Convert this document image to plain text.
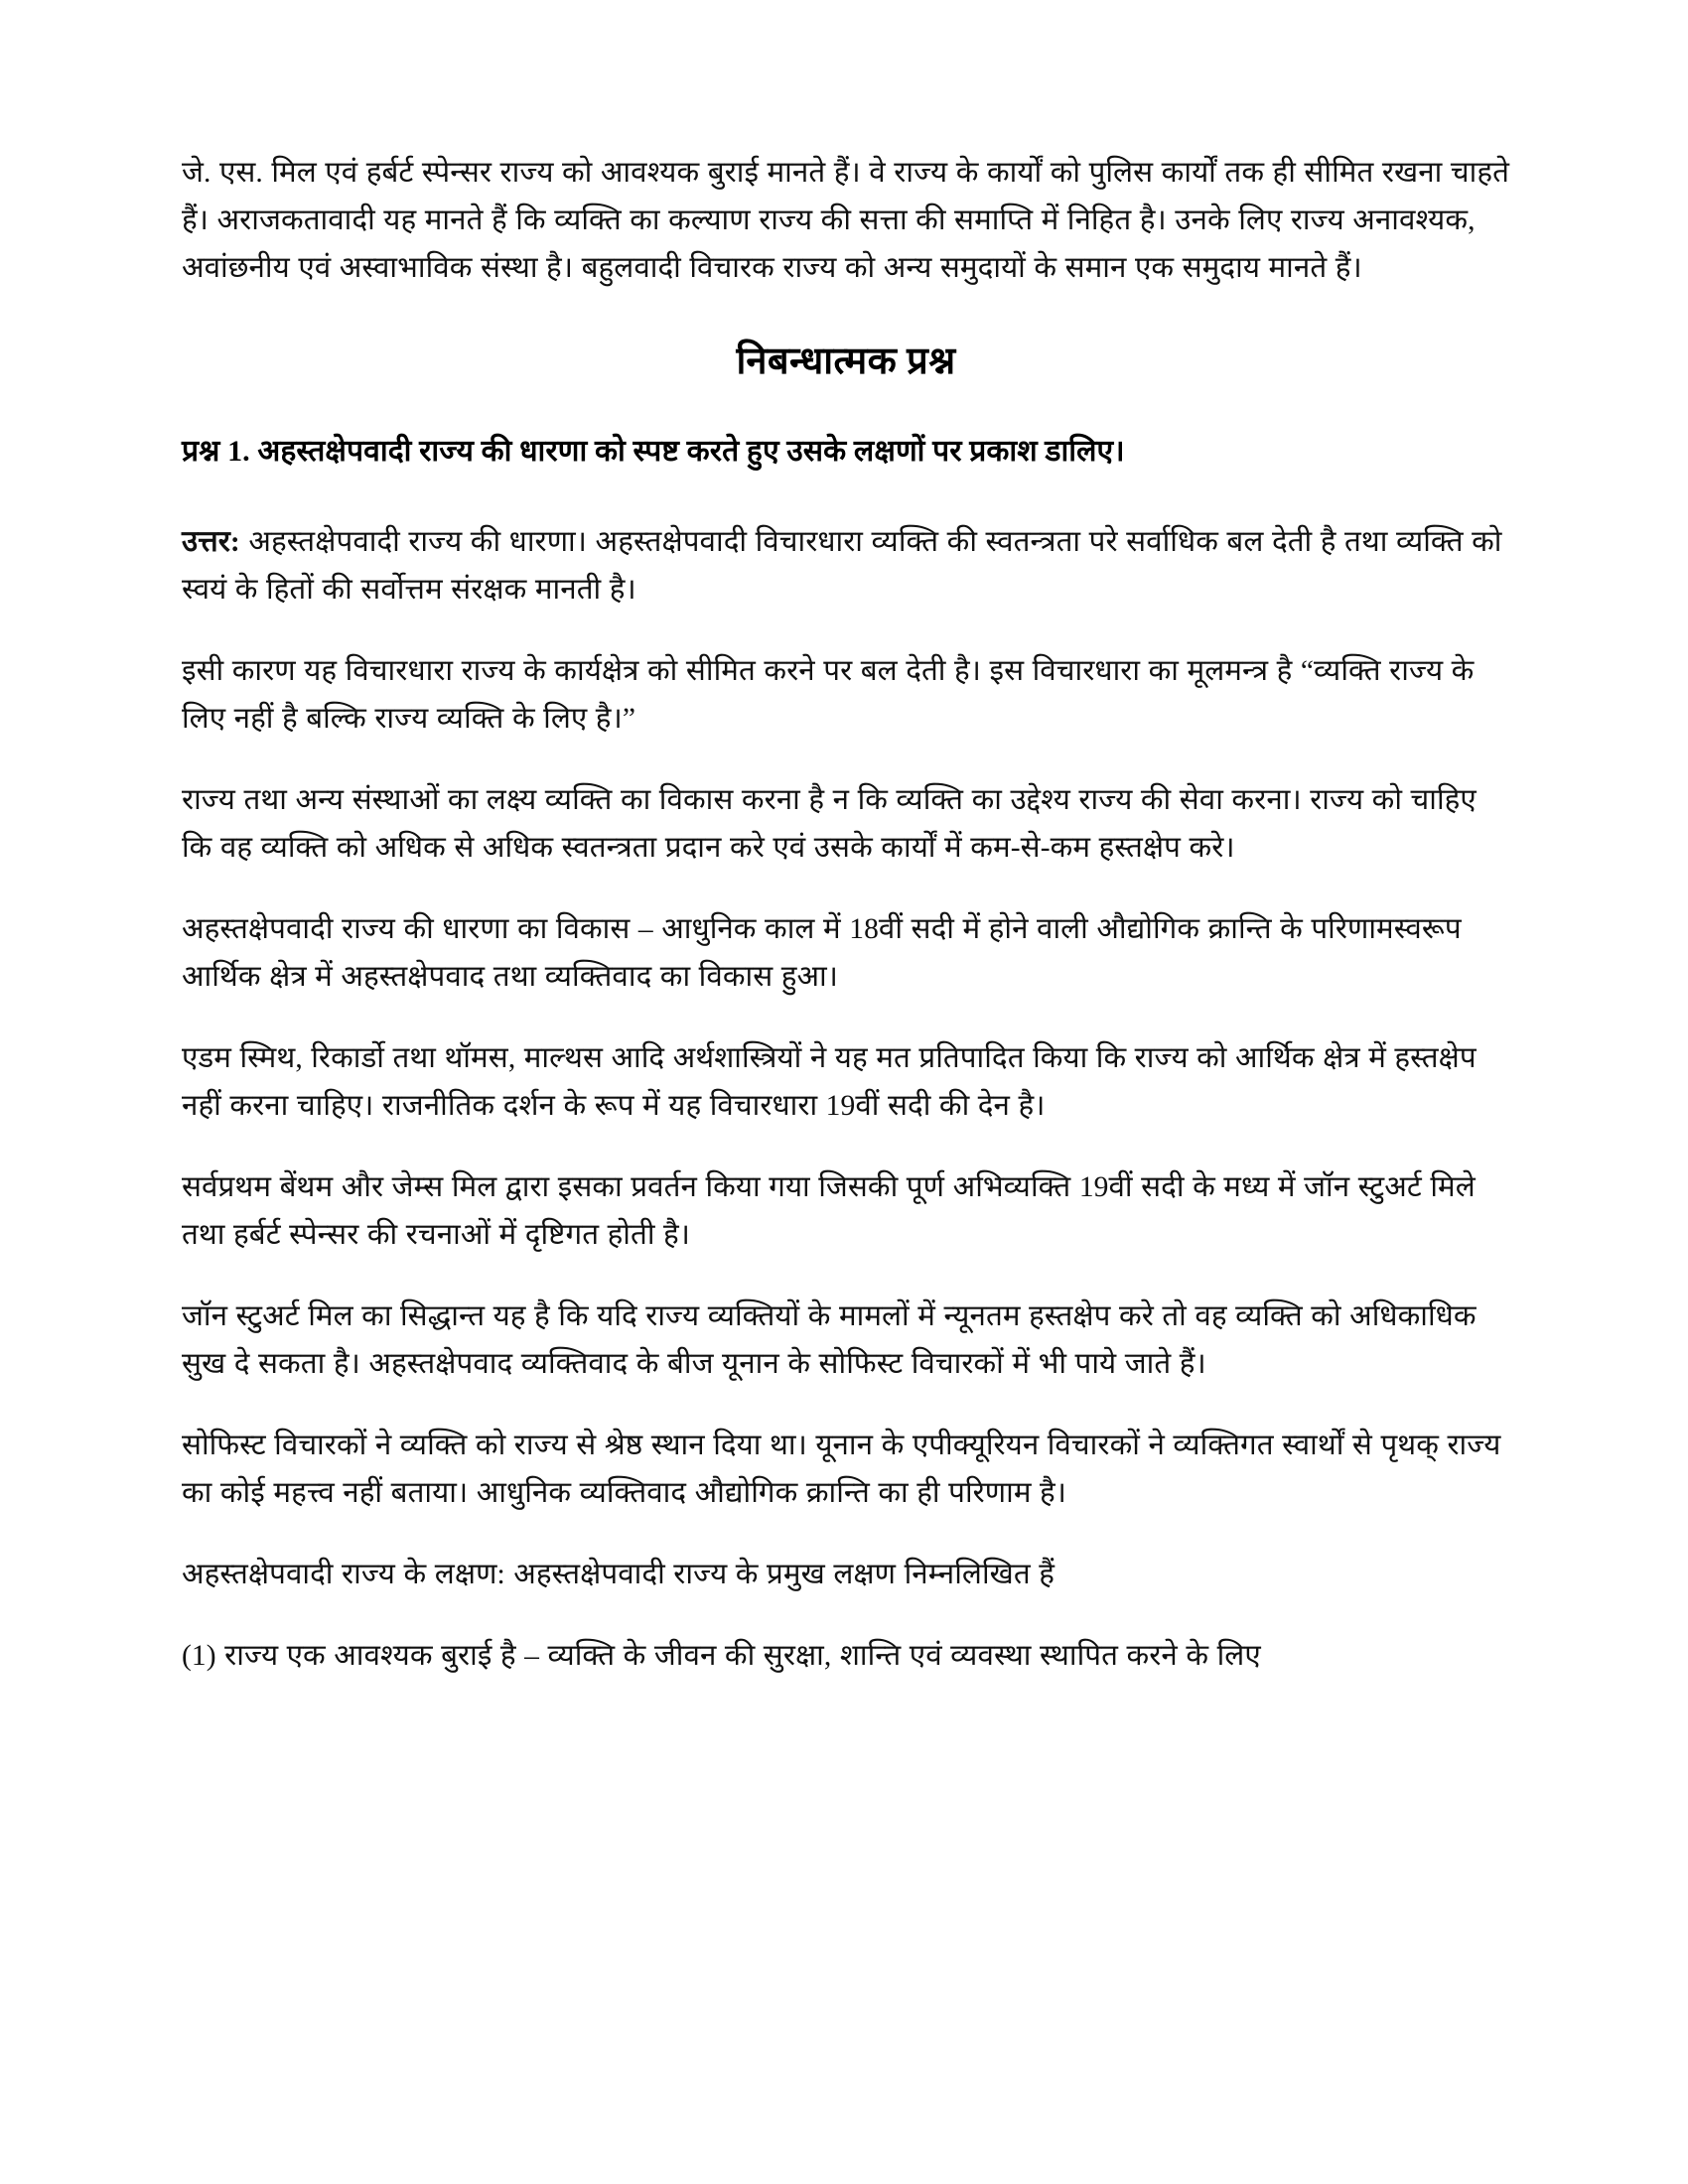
जे. एस. मिल एवं हर्बर्ट स्पेन्सर राज्य को आवश्यक बुराई मानते हैं। वे राज्य के कार्यों को पुलिस कार्यों तक ही सीमित रखना चाहते हैं। अराजकतावादी यह मानते हैं कि व्यक्ति का कल्याण राज्य की सत्ता की समाप्ति में निहित है। उनके लिए राज्य अनावश्यक, अवांछनीय एवं अस्वाभाविक संस्था है। बहुलवादी विचारक राज्य को अन्य समुदायों के समान एक समुदाय मानते हैं।

निबन्धात्मक प्रश्न

प्रश्न 1. अहस्तक्षेपवादी राज्य की धारणा को स्पष्ट करते हुए उसके लक्षणों पर प्रकाश डालिए।

उत्तर: अहस्तक्षेपवादी राज्य की धारणा। अहस्तक्षेपवादी विचारधारा व्यक्ति की स्वतन्त्रता परे सर्वाधिक बल देती है तथा व्यक्ति को स्वयं के हितों की सर्वोत्तम संरक्षक मानती है।

इसी कारण यह विचारधारा राज्य के कार्यक्षेत्र को सीमित करने पर बल देती है। इस विचारधारा का मूलमन्त्र है “व्यक्ति राज्य के लिए नहीं है बल्कि राज्य व्यक्ति के लिए है।”

राज्य तथा अन्य संस्थाओं का लक्ष्य व्यक्ति का विकास करना है न कि व्यक्ति का उद्देश्य राज्य की सेवा करना। राज्य को चाहिए कि वह व्यक्ति को अधिक से अधिक स्वतन्त्रता प्रदान करे एवं उसके कार्यों में कम-से-कम हस्तक्षेप करे।

अहस्तक्षेपवादी राज्य की धारणा का विकास – आधुनिक काल में 18वीं सदी में होने वाली औद्योगिक क्रान्ति के परिणामस्वरूप आर्थिक क्षेत्र में अहस्तक्षेपवाद तथा व्यक्तिवाद का विकास हुआ।

एडम स्मिथ, रिकार्डो तथा थॉमस, माल्थस आदि अर्थशास्त्रियों ने यह मत प्रतिपादित किया कि राज्य को आर्थिक क्षेत्र में हस्तक्षेप नहीं करना चाहिए। राजनीतिक दर्शन के रूप में यह विचारधारा 19वीं सदी की देन है।

सर्वप्रथम बेंथम और जेम्स मिल द्वारा इसका प्रवर्तन किया गया जिसकी पूर्ण अभिव्यक्ति 19वीं सदी के मध्य में जॉन स्टुअर्ट मिले तथा हर्बर्ट स्पेन्सर की रचनाओं में दृष्टिगत होती है।

जॉन स्टुअर्ट मिल का सिद्धान्त यह है कि यदि राज्य व्यक्तियों के मामलों में न्यूनतम हस्तक्षेप करे तो वह व्यक्ति को अधिकाधिक सुख दे सकता है। अहस्तक्षेपवाद व्यक्तिवाद के बीज यूनान के सोफिस्ट विचारकों में भी पाये जाते हैं।

सोफिस्ट विचारकों ने व्यक्ति को राज्य से श्रेष्ठ स्थान दिया था। यूनान के एपीक्यूरियन विचारकों ने व्यक्तिगत स्वार्थों से पृथक् राज्य का कोई महत्त्व नहीं बताया। आधुनिक व्यक्तिवाद औद्योगिक क्रान्ति का ही परिणाम है।

अहस्तक्षेपवादी राज्य के लक्षण: अहस्तक्षेपवादी राज्य के प्रमुख लक्षण निम्नलिखित हैं

(1) राज्य एक आवश्यक बुराई है – व्यक्ति के जीवन की सुरक्षा, शान्ति एवं व्यवस्था स्थापित करने के लिए
